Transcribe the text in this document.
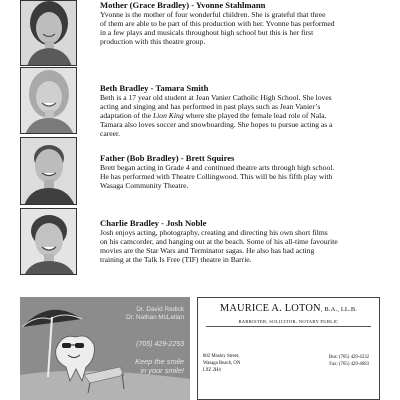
Mother (Grace Bradley) - Yvonne Stahlmann

Yvonne is the mother of four wonderful children. She is grateful that three
of them are able to be part of this production with her. Yvonne has performed
in a few plays and musicals throughout high school but this is her first
production with this theatre group.

Beth Bradley - Tamara Smith

Beth is a 17 year old student at Jean Vanier Catholic High School. She loves
acting and singing and has performed in past plays such as Jean Vanier’s
adaptation of the Lion King where she played the female lead role of Nala.
Tamara also loves soccer and snowboarding. She hopes to pursue acting as a
career.

Father (Bob Bradley) - Brett Squires

Brett began acting in Grade 4 and continued theatre arts through high school.
He has performed with Theatre Collingwood. This will be his fifth play with
Wasaga Community Theatre.

Charlie Bradley - Josh Noble

Josh enjoys acting, photography, creating and directing his own short films
on his camcorder, and hanging out at the beach. Some of his all-time favourite
movies are the Star Wars and Terminator sagas. He also has had acting
training at the Talk Is Free (TIF) theatre in Barrie.

Dr. David Redick
Dr. Nathan McLellan
(705) 429-2253
Keep the smile
in your smile!
MAURICE A. LOTON, B.A., LL.B.
BARRISTER, SOLICITOR, NOTARY PUBLIC
802 Mosley Street,
Wasaga Beach, ON
L9Z 2H4
Bus: (705) 429-4332
Fax: (705) 429-4683
